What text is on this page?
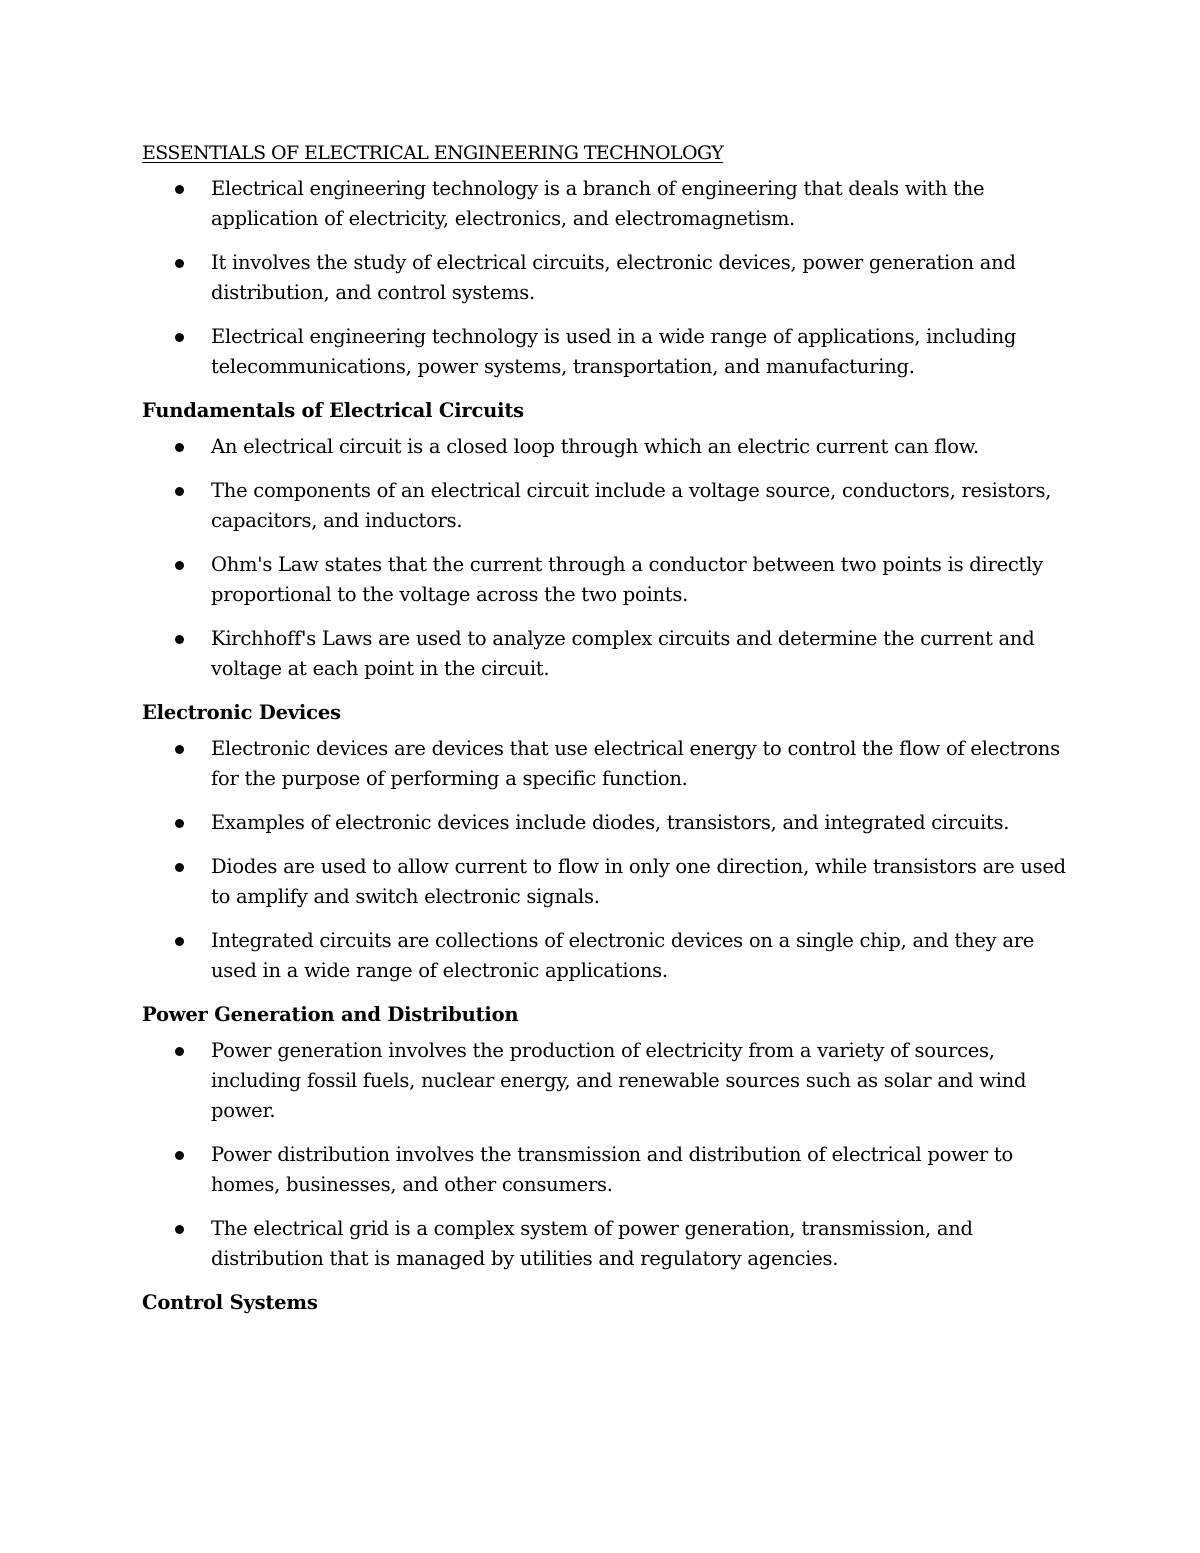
ESSENTIALS OF ELECTRICAL ENGINEERING TECHNOLOGY
Electrical engineering technology is a branch of engineering that deals with the application of electricity, electronics, and electromagnetism.
It involves the study of electrical circuits, electronic devices, power generation and distribution, and control systems.
Electrical engineering technology is used in a wide range of applications, including telecommunications, power systems, transportation, and manufacturing.
Fundamentals of Electrical Circuits
An electrical circuit is a closed loop through which an electric current can flow.
The components of an electrical circuit include a voltage source, conductors, resistors, capacitors, and inductors.
Ohm's Law states that the current through a conductor between two points is directly proportional to the voltage across the two points.
Kirchhoff's Laws are used to analyze complex circuits and determine the current and voltage at each point in the circuit.
Electronic Devices
Electronic devices are devices that use electrical energy to control the flow of electrons for the purpose of performing a specific function.
Examples of electronic devices include diodes, transistors, and integrated circuits.
Diodes are used to allow current to flow in only one direction, while transistors are used to amplify and switch electronic signals.
Integrated circuits are collections of electronic devices on a single chip, and they are used in a wide range of electronic applications.
Power Generation and Distribution
Power generation involves the production of electricity from a variety of sources, including fossil fuels, nuclear energy, and renewable sources such as solar and wind power.
Power distribution involves the transmission and distribution of electrical power to homes, businesses, and other consumers.
The electrical grid is a complex system of power generation, transmission, and distribution that is managed by utilities and regulatory agencies.
Control Systems
